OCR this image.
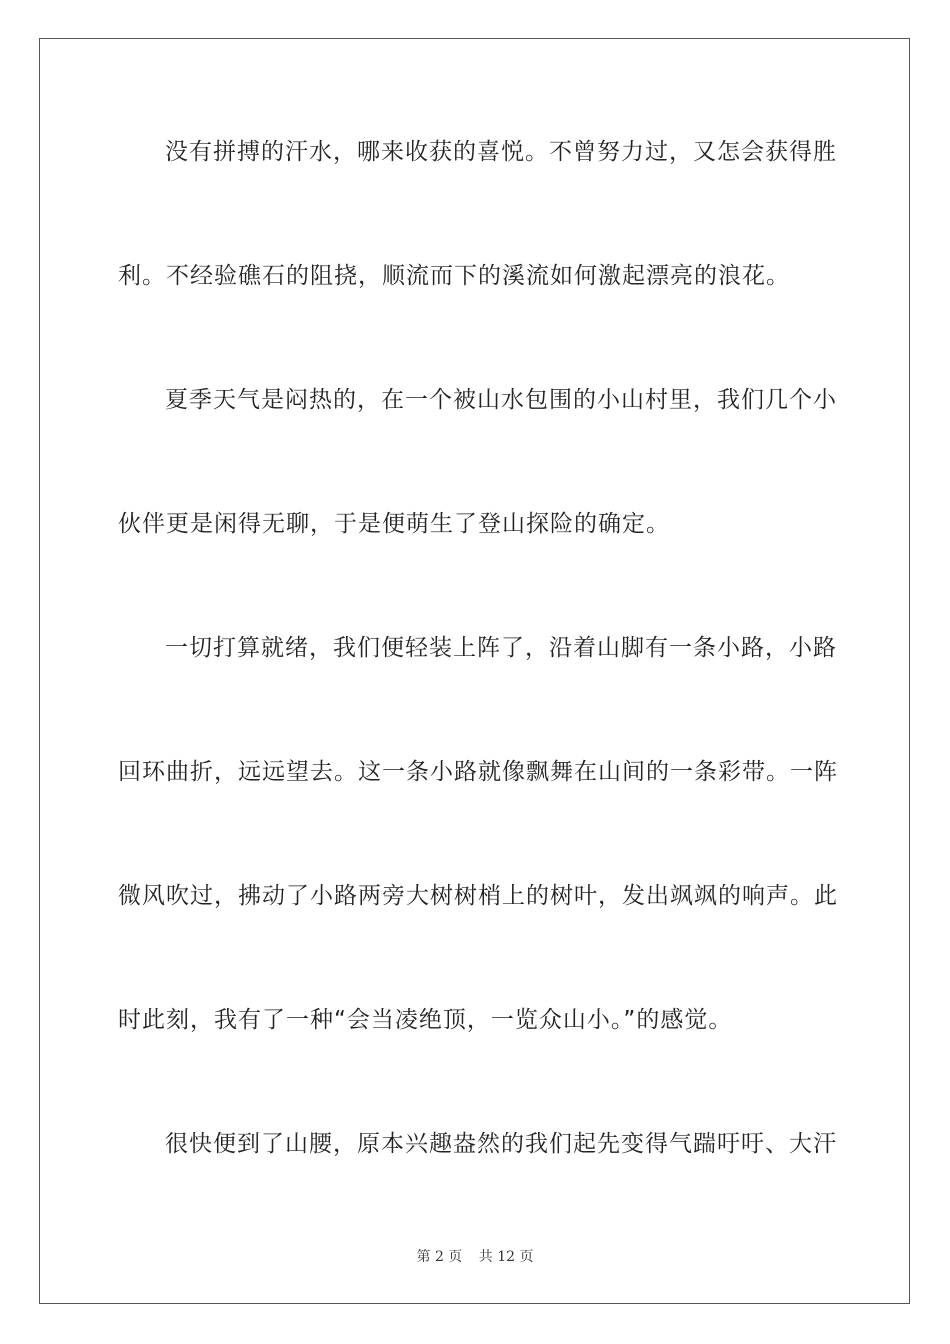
没有拼搏的汗水，哪来收获的喜悦。不曾努力过，又怎会获得胜
利。不经验礁石的阻挠，顺流而下的溪流如何激起漂亮的浪花。
夏季天气是闷热的，在一个被山水包围的小山村里，我们几个小
伙伴更是闲得无聊，于是便萌生了登山探险的确定。
一切打算就绪，我们便轻装上阵了，沿着山脚有一条小路，小路
回环曲折，远远望去。这一条小路就像飘舞在山间的一条彩带。一阵
微风吹过，拂动了小路两旁大树树梢上的树叶，发出飒飒的响声。此
时此刻，我有了一种“会当凌绝顶，一览众山小。”的感觉。
很快便到了山腰，原本兴趣盎然的我们起先变得气踹吁吁、大汗
第 2 页 共 12 页
